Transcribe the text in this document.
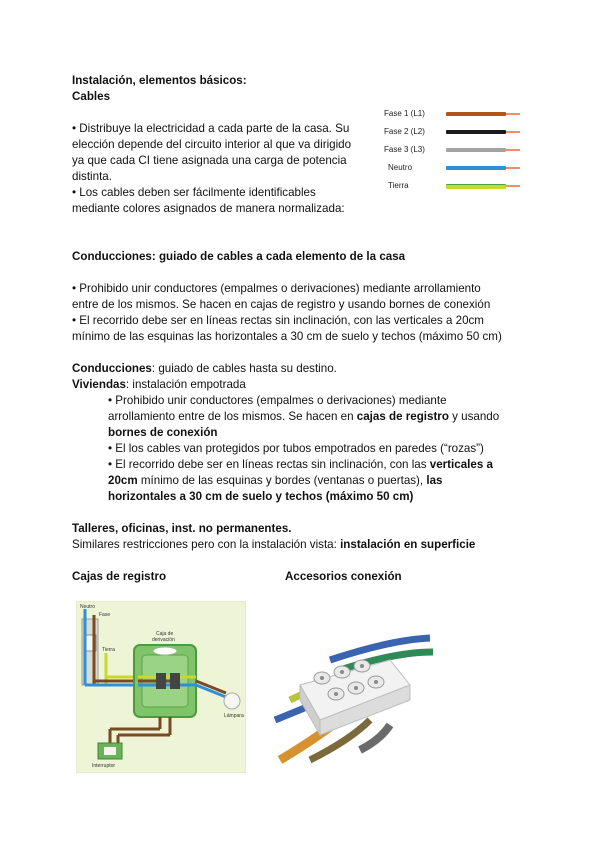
Instalación, elementos básicos:
Cables
• Distribuye la electricidad a cada parte de la casa. Su
elección depende del circuito interior al que va dirigido
ya que cada CI tiene asignada una carga de potencia
distinta.
• Los cables deben ser fácilmente identificables
mediante colores asignados de manera normalizada:
Fase 1 (L1)
Fase 2 (L2)
Fase 3 (L3)
Neutro
Tierra
Conducciones: guiado de cables a cada elemento de la casa
• Prohibido unir conductores (empalmes o derivaciones) mediante arrollamiento
entre de los mismos. Se hacen en cajas de registro y usando bornes de conexión
• El recorrido debe ser en líneas rectas sin inclinación, con las verticales a 20cm
mínimo de las esquinas las horizontales a 30 cm de suelo y techos (máximo 50 cm)
Conducciones: guiado de cables hasta su destino.
Viviendas: instalación empotrada
• Prohibido unir conductores (empalmes o derivaciones) mediante
arrollamiento entre de los mismos. Se hacen en cajas de registro y usando
bornes de conexión
• El los cables van protegidos por tubos empotrados en paredes (“rozas”)
• El recorrido debe ser en líneas rectas sin inclinación, con las verticales a
20cm mínimo de las esquinas y bordes (ventanas o puertas), las
horizontales a 30 cm de suelo y techos (máximo 50 cm)
Talleres, oficinas, inst. no permanentes.
Similares restricciones pero con la instalación vista: instalación en superficie
Cajas de registro	Accesorios conexión
Neutro
Fase
Tierra
Caja de
derivación
Lámpara
Interruptor
